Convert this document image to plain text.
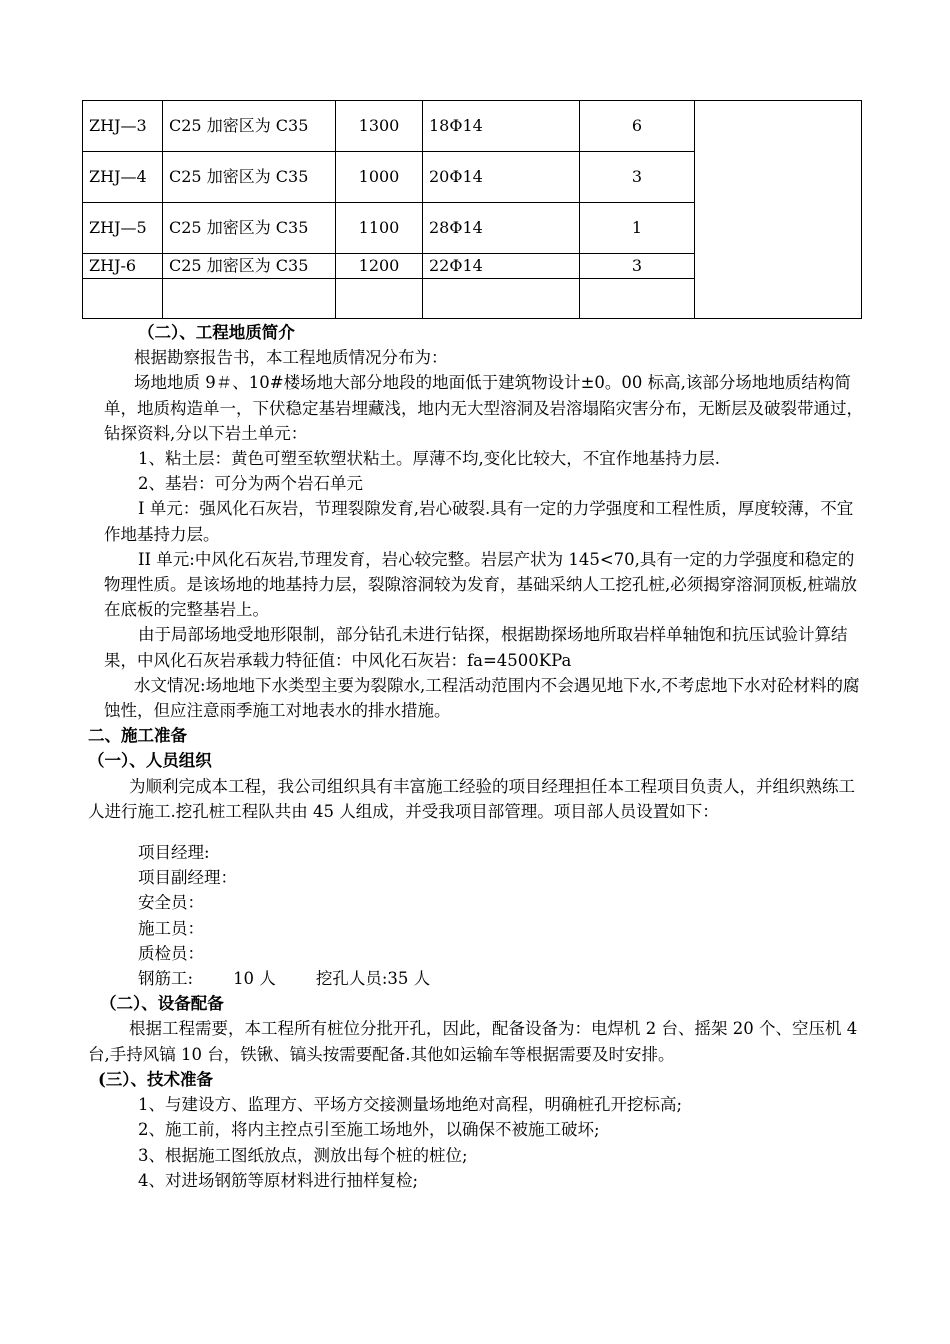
ZHJ—3	C25 加密区为 C35	1300	18Φ14	6	
ZHJ—4	C25 加密区为 C35	1000	20Φ14	3	
ZHJ—5	C25 加密区为 C35	1100	28Φ14	1	
ZHJ-6	C25 加密区为 C35	1200	22Φ14	3	

（二）、工程地质简介

根据勘察报告书，本工程地质情况分布为：

场地地质 9＃、10#楼场地大部分地段的地面低于建筑物设计±0。00 标高,该部分场地地质结构简单，地质构造单一，下伏稳定基岩埋藏浅，地内无大型溶洞及岩溶塌陷灾害分布，无断层及破裂带通过，钻探资料,分以下岩土单元：

1、粘土层：黄色可塑至软塑状粘土。厚薄不均,变化比较大，不宜作地基持力层.

2、基岩：可分为两个岩石单元

I 单元：强风化石灰岩，节理裂隙发育,岩心破裂.具有一定的力学强度和工程性质，厚度较薄，不宜作地基持力层。

II 单元:中风化石灰岩,节理发育，岩心较完整。岩层产状为 145<70,具有一定的力学强度和稳定的物理性质。是该场地的地基持力层，裂隙溶洞较为发育，基础采纳人工挖孔桩,必须揭穿溶洞顶板,桩端放在底板的完整基岩上。

由于局部场地受地形限制，部分钻孔未进行钻探，根据勘探场地所取岩样单轴饱和抗压试验计算结果，中风化石灰岩承载力特征值：中风化石灰岩：fa=4500KPa

水文情况:场地地下水类型主要为裂隙水,工程活动范围内不会遇见地下水,不考虑地下水对砼材料的腐蚀性，但应注意雨季施工对地表水的排水措施。

二、施工准备

（一）、人员组织

为顺利完成本工程，我公司组织具有丰富施工经验的项目经理担任本工程项目负责人，并组织熟练工人进行施工.挖孔桩工程队共由 45 人组成，并受我项目部管理。项目部人员设置如下：

项目经理:

项目副经理：

安全员：

施工员：

质检员：

钢筋工: 10 人 挖孔人员:35 人

（二）、设备配备

根据工程需要，本工程所有桩位分批开孔，因此，配备设备为：电焊机 2 台、摇架 20 个、空压机 4 台,手持风镐 10 台，铁锹、镐头按需要配备.其他如运输车等根据需要及时安排。

(三）、技术准备

1、与建设方、监理方、平场方交接测量场地绝对高程，明确桩孔开挖标高;

2、施工前，将内主控点引至施工场地外，以确保不被施工破坏;

3、根据施工图纸放点，测放出每个桩的桩位;

4、对进场钢筋等原材料进行抽样复检;
